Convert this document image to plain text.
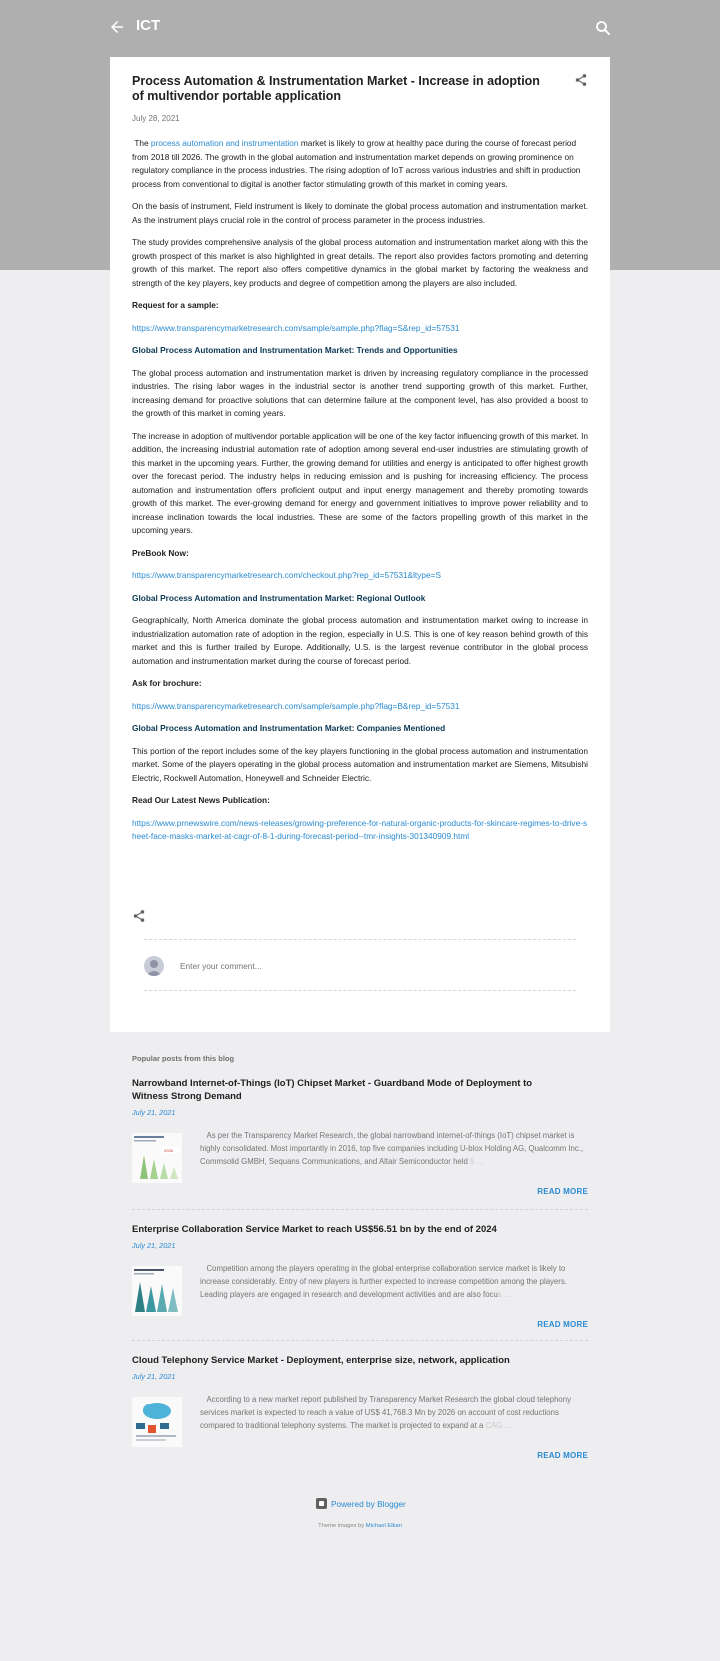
ICT
Process Automation & Instrumentation Market - Increase in adoption of multivendor portable application
July 28, 2021

The process automation and instrumentation market is likely to grow at healthy pace during the course of forecast period from 2018 till 2026. The growth in the global automation and instrumentation market depends on growing prominence on regulatory compliance in the process industries. The rising adoption of IoT across various industries and shift in production process from conventional to digital is another factor stimulating growth of this market in coming years.

On the basis of instrument, Field instrument is likely to dominate the global process automation and instrumentation market. As the instrument plays crucial role in the control of process parameter in the process industries.

The study provides comprehensive analysis of the global process automation and instrumentation market along with this the growth prospect of this market is also highlighted in great details. The report also provides factors promoting and deterring growth of this market. The report also offers competitive dynamics in the global market by factoring the weakness and strength of the key players, key products and degree of competition among the players are also included.

Request for a sample:

https://www.transparencymarketresearch.com/sample/sample.php?flag=S&rep_id=57531

Global Process Automation and Instrumentation Market: Trends and Opportunities

The global process automation and instrumentation market is driven by increasing regulatory compliance in the processed industries. The rising labor wages in the industrial sector is another trend supporting growth of this market. Further, increasing demand for proactive solutions that can determine failure at the component level, has also provided a boost to the growth of this market in coming years.

The increase in adoption of multivendor portable application will be one of the key factor influencing growth of this market. In addition, the increasing industrial automation rate of adoption among several end-user industries are stimulating growth of this market in the upcoming years. Further, the growing demand for utilities and energy is anticipated to offer highest growth over the forecast period. The industry helps in reducing emission and is pushing for increasing efficiency. The process automation and instrumentation offers proficient output and input energy management and thereby promoting towards growth of this market. The ever-growing demand for energy and government initiatives to improve power reliability and to increase inclination towards the local industries. These are some of the factors propelling growth of this market in the upcoming years.

PreBook Now:

https://www.transparencymarketresearch.com/checkout.php?rep_id=57531&ltype=S

Global Process Automation and Instrumentation Market: Regional Outlook

Geographically, North America dominate the global process automation and instrumentation market owing to increase in industrialization automation rate of adoption in the region, especially in U.S. This is one of key reason behind growth of this market and this is further trailed by Europe. Additionally, U.S. is the largest revenue contributor in the global process automation and instrumentation market during the course of forecast period.

Ask for brochure:

https://www.transparencymarketresearch.com/sample/sample.php?flag=B&rep_id=57531

Global Process Automation and Instrumentation Market: Companies Mentioned

This portion of the report includes some of the key players functioning in the global process automation and instrumentation market. Some of the players operating in the global process automation and instrumentation market are Siemens, Mitsubishi Electric, Rockwell Automation, Honeywell and Schneider Electric.

Read Our Latest News Publication:

https://www.prnewswire.com/news-releases/growing-preference-for-natural-organic-products-for-skincare-regimes-to-drive-sheet-face-masks-market-at-cagr-of-8-1-during-forecast-period--tmr-insights-301340909.html

Enter your comment...
Popular posts from this blog
Narrowband Internet-of-Things (IoT) Chipset Market - Guardband Mode of Deployment to Witness Strong Demand
July 21, 2021
2026
As per the Transparency Market Research, the global narrowband internet-of-things (IoT) chipset market is highly consolidated. Most importantly in 2016, top five companies including U-blox Holding AG, Qualcomm Inc., Commsolid GMBH, Sequans Communications, and Altair Semiconductor held 5 …
READ MORE
Enterprise Collaboration Service Market to reach US$56.51 bn by the end of 2024
July 21, 2021
Competition among the players operating in the global enterprise collaboration service market is likely to increase considerably. Entry of new players is further expected to increase competition among the players. Leading players are engaged in research and development activities and are also focus …
READ MORE
Cloud Telephony Service Market - Deployment, enterprise size, network, application
July 21, 2021
According to a new market report published by Transparency Market Research the global cloud telephony services market is expected to reach a value of US$ 41,768.3 Mn by 2026 on account of cost reductions compared to traditional telephony systems. The market is projected to expand at a CAG …
READ MORE
Powered by Blogger
Theme images by Michael Elkan
